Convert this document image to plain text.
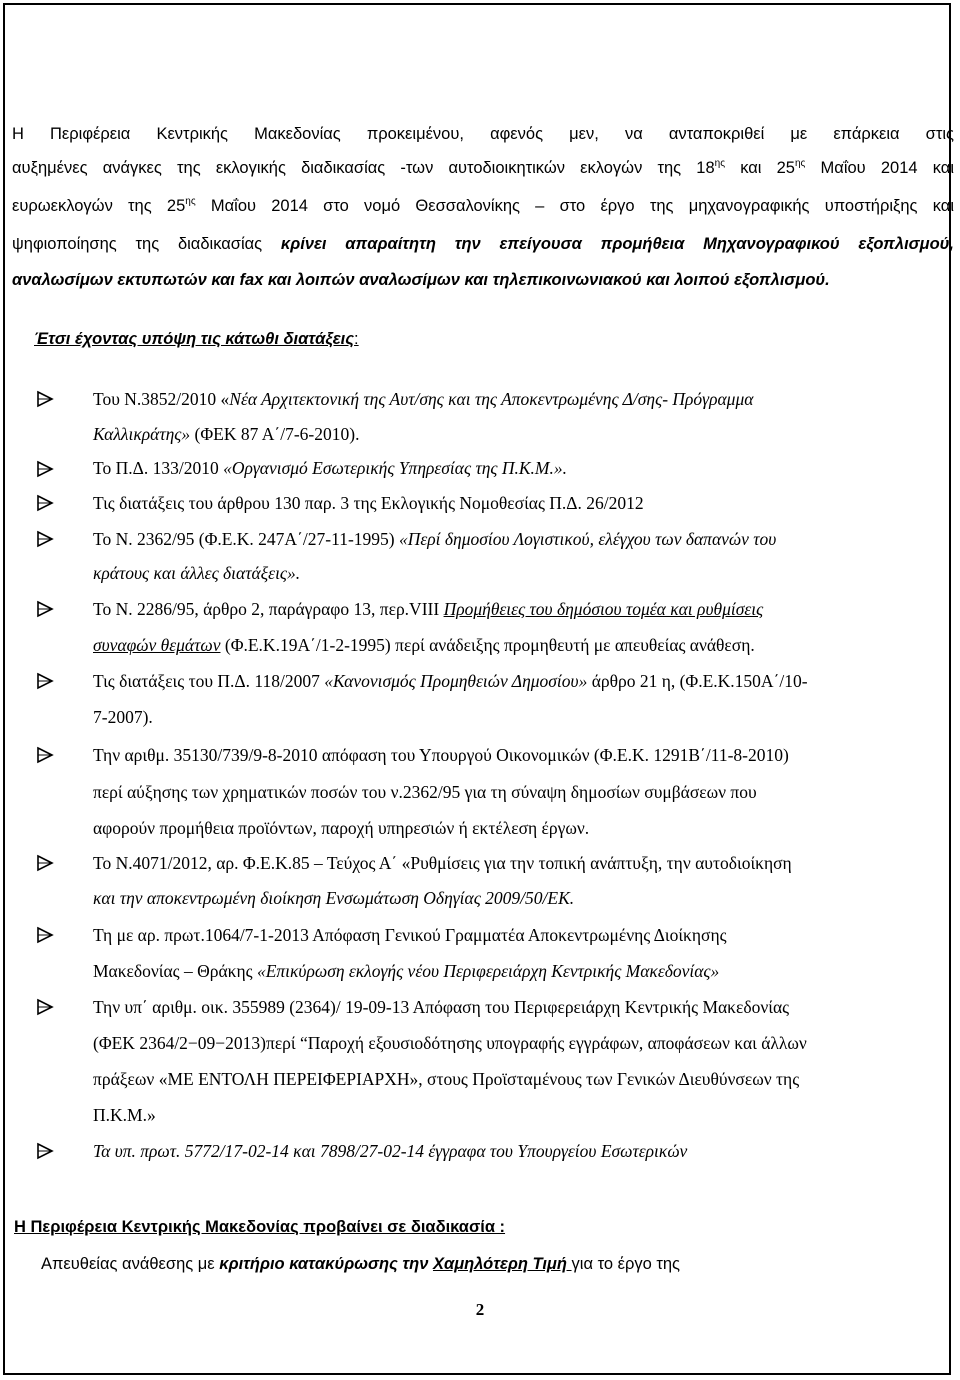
Η Περιφέρεια Κεντρικής Μακεδονίας προκειμένου, αφενός μεν, να ανταποκριθεί με επάρκεια στις
αυξημένες ανάγκες της εκλογικής διαδικασίας -των αυτοδιοικητικών εκλογών της $18^{\eta\varsigma}$ και $25^{\eta\varsigma}$ Μαΐου 2014 και
ευρωεκλογών της $25^{\eta\varsigma}$ Μαΐου 2014 στο νομό Θεσσαλονίκης – στο έργο της μηχανογραφικής υποστήριξης και
ψηφιοποίησης της διαδικασίας κρίνει απαραίτητη την επείγουσα προμήθεια Μηχανογραφικού εξοπλισμού,
αναλωσίμων εκτυπωτών και fax και λοιπών αναλωσίμων και τηλεπικοινωνιακού και λοιπού εξοπλισμού.
Έτσι έχοντας υπόψη τις κάτωθι διατάξεις:
Του Ν.3852/2010 «Νέα Αρχιτεκτονική της Αυτ/σης και της Αποκεντρωμένης Δ/σης- Πρόγραμμα
Καλλικράτης» (ΦΕΚ 87 Α΄/7-6-2010).
Το Π.Δ. 133/2010 «Οργανισμό Εσωτερικής Υπηρεσίας της Π.Κ.Μ.».
Τις διατάξεις του άρθρου 130 παρ. 3 της Εκλογικής Νομοθεσίας Π.Δ. 26/2012
Το Ν. 2362/95 (Φ.Ε.Κ. 247Α΄/27-11-1995) «Περί δημοσίου Λογιστικού, ελέγχου των δαπανών του
κράτους και άλλες διατάξεις».
Το Ν. 2286/95, άρθρο 2, παράγραφο 13, περ.VIII Προμήθειες του δημόσιου τομέα και ρυθμίσεις
συναφών θεμάτων (Φ.Ε.Κ.19Α΄/1-2-1995) περί ανάδειξης προμηθευτή με απευθείας ανάθεση.
Τις διατάξεις του Π.Δ. 118/2007 «Κανονισμός Προμηθειών Δημοσίου» άρθρο 21 η, (Φ.Ε.Κ.150Α΄/10-
7-2007).
Την αριθμ. 35130/739/9-8-2010 απόφαση του Υπουργού Οικονομικών (Φ.Ε.Κ. 1291Β΄/11-8-2010)
περί αύξησης των χρηματικών ποσών του ν.2362/95 για τη σύναψη δημοσίων συμβάσεων που
αφορούν προμήθεια προϊόντων, παροχή υπηρεσιών ή εκτέλεση έργων.
Το Ν.4071/2012, αρ. Φ.Ε.Κ.85 – Τεύχος Α΄ «Ρυθμίσεις για την τοπική ανάπτυξη, την αυτοδιοίκηση
και την αποκεντρωμένη διοίκηση Ενσωμάτωση Οδηγίας 2009/50/ΕΚ.
Τη με αρ. πρωτ.1064/7-1-2013 Απόφαση Γενικού Γραμματέα Αποκεντρωμένης Διοίκησης
Μακεδονίας – Θράκης «Επικύρωση εκλογής νέου Περιφερειάρχη Κεντρικής Μακεδονίας»
Την υπ΄ αριθμ. οικ. 355989 (2364)/ 19-09-13 Απόφαση του Περιφερειάρχη Κεντρικής Μακεδονίας
(ΦΕΚ 2364/2−09−2013)περί “Παροχή εξουσιοδότησης υπογραφής εγγράφων, αποφάσεων και άλλων
πράξεων «ΜΕ ΕΝΤΟΛΗ ΠΕΡΕΙΦΕΡΙΑΡΧΗ», στους Προϊσταμένους των Γενικών Διευθύνσεων της
Π.Κ.Μ.»
Τα υπ. πρωτ. 5772/17-02-14 και 7898/27-02-14 έγγραφα του Υπουργείου Εσωτερικών
Η Περιφέρεια Κεντρικής Μακεδονίας προβαίνει σε διαδικασία :
Απευθείας ανάθεσης με κριτήριο κατακύρωσης την Χαμηλότερη Τιμή για το έργο της
2
